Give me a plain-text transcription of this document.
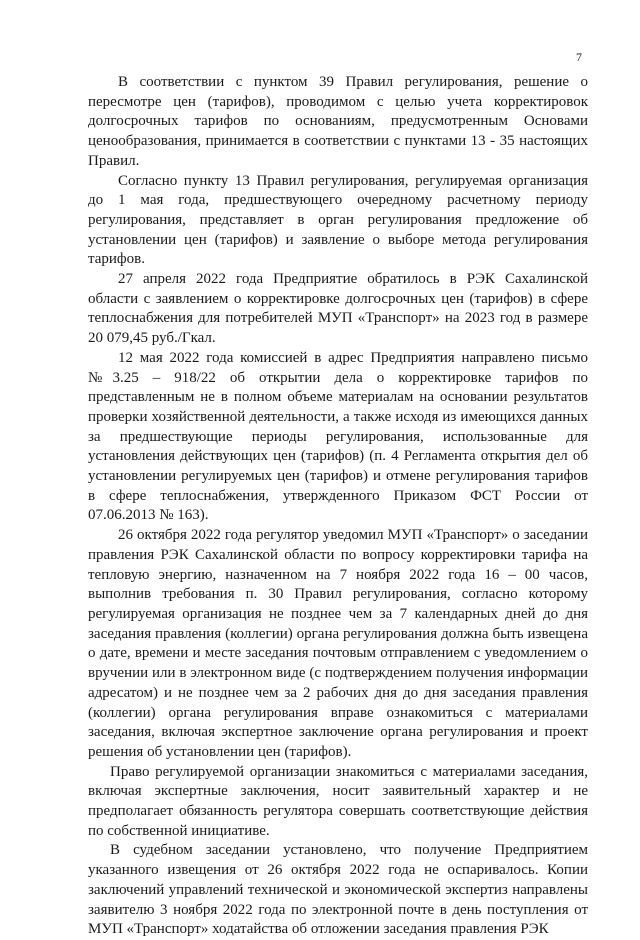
7

В соответствии с пунктом 39 Правил регулирования, решение о пересмотре цен (тарифов), проводимом с целью учета корректировок долгосрочных тарифов по основаниям, предусмотренным Основами ценообразования, принимается в соответствии с пунктами 13 - 35 настоящих Правил.

Согласно пункту 13 Правил регулирования, регулируемая организация до 1 мая года, предшествующего очередному расчетному периоду регулирования, представляет в орган регулирования предложение об установлении цен (тарифов) и заявление о выборе метода регулирования тарифов.

27 апреля 2022 года Предприятие обратилось в РЭК Сахалинской области с заявлением о корректировке долгосрочных цен (тарифов) в сфере теплоснабжения для потребителей МУП «Транспорт» на 2023 год в размере 20 079,45 руб./Гкал.

12 мая 2022 года комиссией в адрес Предприятия направлено письмо №3.25 – 918/22 об открытии дела о корректировке тарифов по представленным не в полном объеме материалам на основании результатов проверки хозяйственной деятельности, а также исходя из имеющихся данных за предшествующие периоды регулирования, использованные для установления действующих цен (тарифов) (п. 4 Регламента открытия дел об установлении регулируемых цен (тарифов) и отмене регулирования тарифов в сфере теплоснабжения, утвержденного Приказом ФСТ России от 07.06.2013 № 163).

26 октября 2022 года регулятор уведомил МУП «Транспорт» о заседании правления РЭК Сахалинской области по вопросу корректировки тарифа на тепловую энергию, назначенном на 7 ноября 2022 года 16 – 00 часов, выполнив требования п. 30 Правил регулирования, согласно которому регулируемая организация не позднее чем за 7 календарных дней до дня заседания правления (коллегии) органа регулирования должна быть извещена о дате, времени и месте заседания почтовым отправлением с уведомлением о вручении или в электронном виде (с подтверждением получения информации адресатом) и не позднее чем за 2 рабочих дня до дня заседания правления (коллегии) органа регулирования вправе ознакомиться с материалами заседания, включая экспертное заключение органа регулирования и проект решения об установлении цен (тарифов).

Право регулируемой организации знакомиться с материалами заседания, включая экспертные заключения, носит заявительный характер и не предполагает обязанность регулятора совершать соответствующие действия по собственной инициативе.

В судебном заседании установлено, что получение Предприятием указанного извещения от 26 октября 2022 года не оспаривалось. Копии заключений управлений технической и экономической экспертиз направлены заявителю 3 ноября 2022 года по электронной почте в день поступления от МУП «Транспорт» ходатайства об отложении заседания правления РЭК
